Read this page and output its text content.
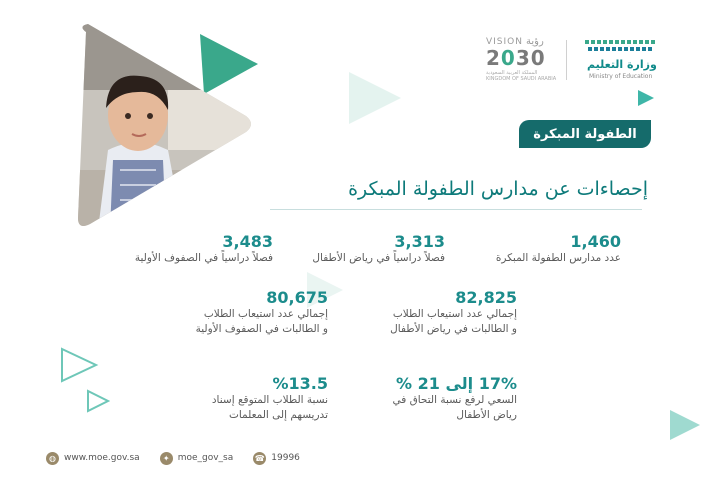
VISION رؤية
2030
المملكة العربية السعودية
KINGDOM OF SAUDI ARABIA
وزارة التعليم
Ministry of Education
الطفولة المبكرة
إحصاءات عن مدارس الطفولة المبكرة
1,460
عدد مدارس الطفولة المبكرة
3,313
فصلاً دراسياً في رياض الأطفال
3,483
فصلاً دراسياً في الصفوف الأولية
82,825
إجمالي عدد استيعاب الطلاب
و الطالبات في رياض الأطفال
80,675
إجمالي عدد استيعاب الطلاب
و الطالبات في الصفوف الأولية
17% إلى 21 %
السعي لرفع نسبة التحاق في
رياض الأطفال
%13.5
نسبة الطلاب المتوقع إسناد
تدريسهم إلى المعلمات
◍ www.moe.gov.sa	✦ moe_gov_sa	☎ 19996
